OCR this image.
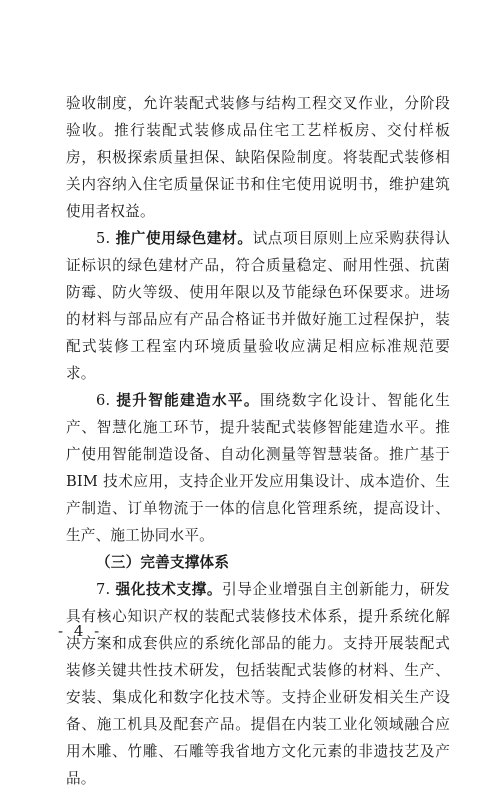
验收制度，允许装配式装修与结构工程交叉作业，分阶段验收。推行装配式装修成品住宅工艺样板房、交付样板房，积极探索质量担保、缺陷保险制度。将装配式装修相关内容纳入住宅质量保证书和住宅使用说明书，维护建筑使用者权益。

5. 推广使用绿色建材。试点项目原则上应采购获得认证标识的绿色建材产品，符合质量稳定、耐用性强、抗菌防霉、防火等级、使用年限以及节能绿色环保要求。进场的材料与部品应有产品合格证书并做好施工过程保护，装配式装修工程室内环境质量验收应满足相应标准规范要求。

6. 提升智能建造水平。围绕数字化设计、智能化生产、智慧化施工环节，提升装配式装修智能建造水平。推广使用智能制造设备、自动化测量等智慧装备。推广基于 BIM 技术应用，支持企业开发应用集设计、成本造价、生产制造、订单物流于一体的信息化管理系统，提高设计、生产、施工协同水平。

（三）完善支撑体系

7. 强化技术支撑。引导企业增强自主创新能力，研发具有核心知识产权的装配式装修技术体系，提升系统化解决方案和成套供应的系统化部品的能力。支持开展装配式装修关键共性技术研发，包括装配式装修的材料、生产、安装、集成化和数字化技术等。支持企业研发相关生产设备、施工机具及配套产品。提倡在内装工业化领域融合应用木雕、竹雕、石雕等我省地方文化元素的非遗技艺及产品。

- 4 -
